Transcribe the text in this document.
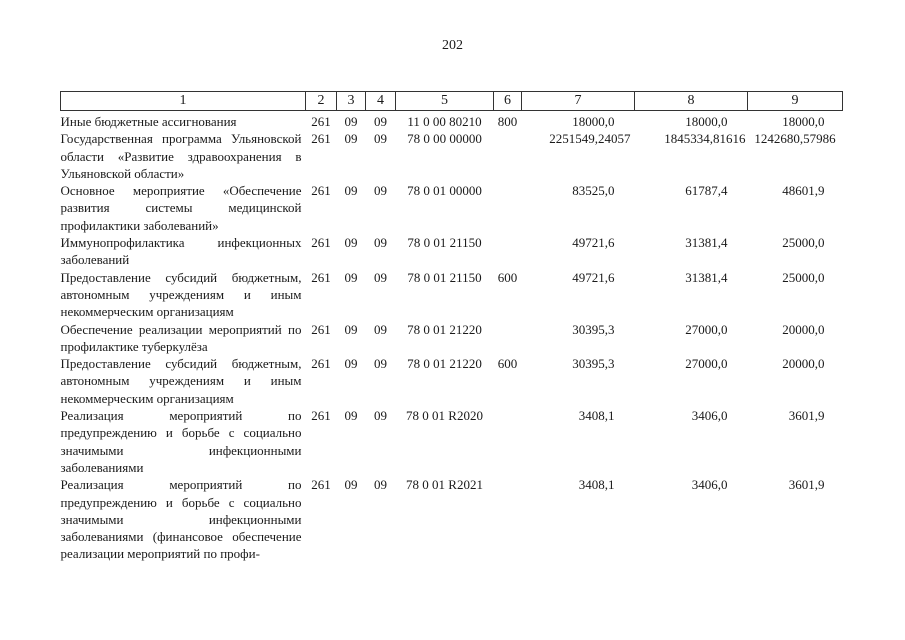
202
1	2	3	4	5	6	7	8	9
Иные бюджетные ассигнования	261	09	09	11 0 00 80210	800	18000,0	18000,0	18000,0
Государственная программа Ульяновской области «Развитие здравоохранения в Ульяновской области»	261	09	09	78 0 00 00000		2251549,24057	1845334,81616	1242680,57986
Основное мероприятие «Обеспечение развития системы медицинской профилактики заболеваний»	261	09	09	78 0 01 00000		83525,0	61787,4	48601,9
Иммунопрофилактика инфекционных заболеваний	261	09	09	78 0 01 21150		49721,6	31381,4	25000,0
Предоставление субсидий бюджетным, автономным учреждениям и иным некоммерческим организациям	261	09	09	78 0 01 21150	600	49721,6	31381,4	25000,0
Обеспечение реализации мероприятий по профилактике туберкулёза	261	09	09	78 0 01 21220		30395,3	27000,0	20000,0
Предоставление субсидий бюджетным, автономным учреждениям и иным некоммерческим организациям	261	09	09	78 0 01 21220	600	30395,3	27000,0	20000,0
Реализация мероприятий по предупреждению и борьбе с социально значимыми инфекционными заболеваниями	261	09	09	78 0 01 R2020		3408,1	3406,0	3601,9
Реализация мероприятий по предупреждению и борьбе с социально значимыми инфекционными заболеваниями (финансовое обеспечение реализации мероприятий по профи-	261	09	09	78 0 01 R2021		3408,1	3406,0	3601,9
